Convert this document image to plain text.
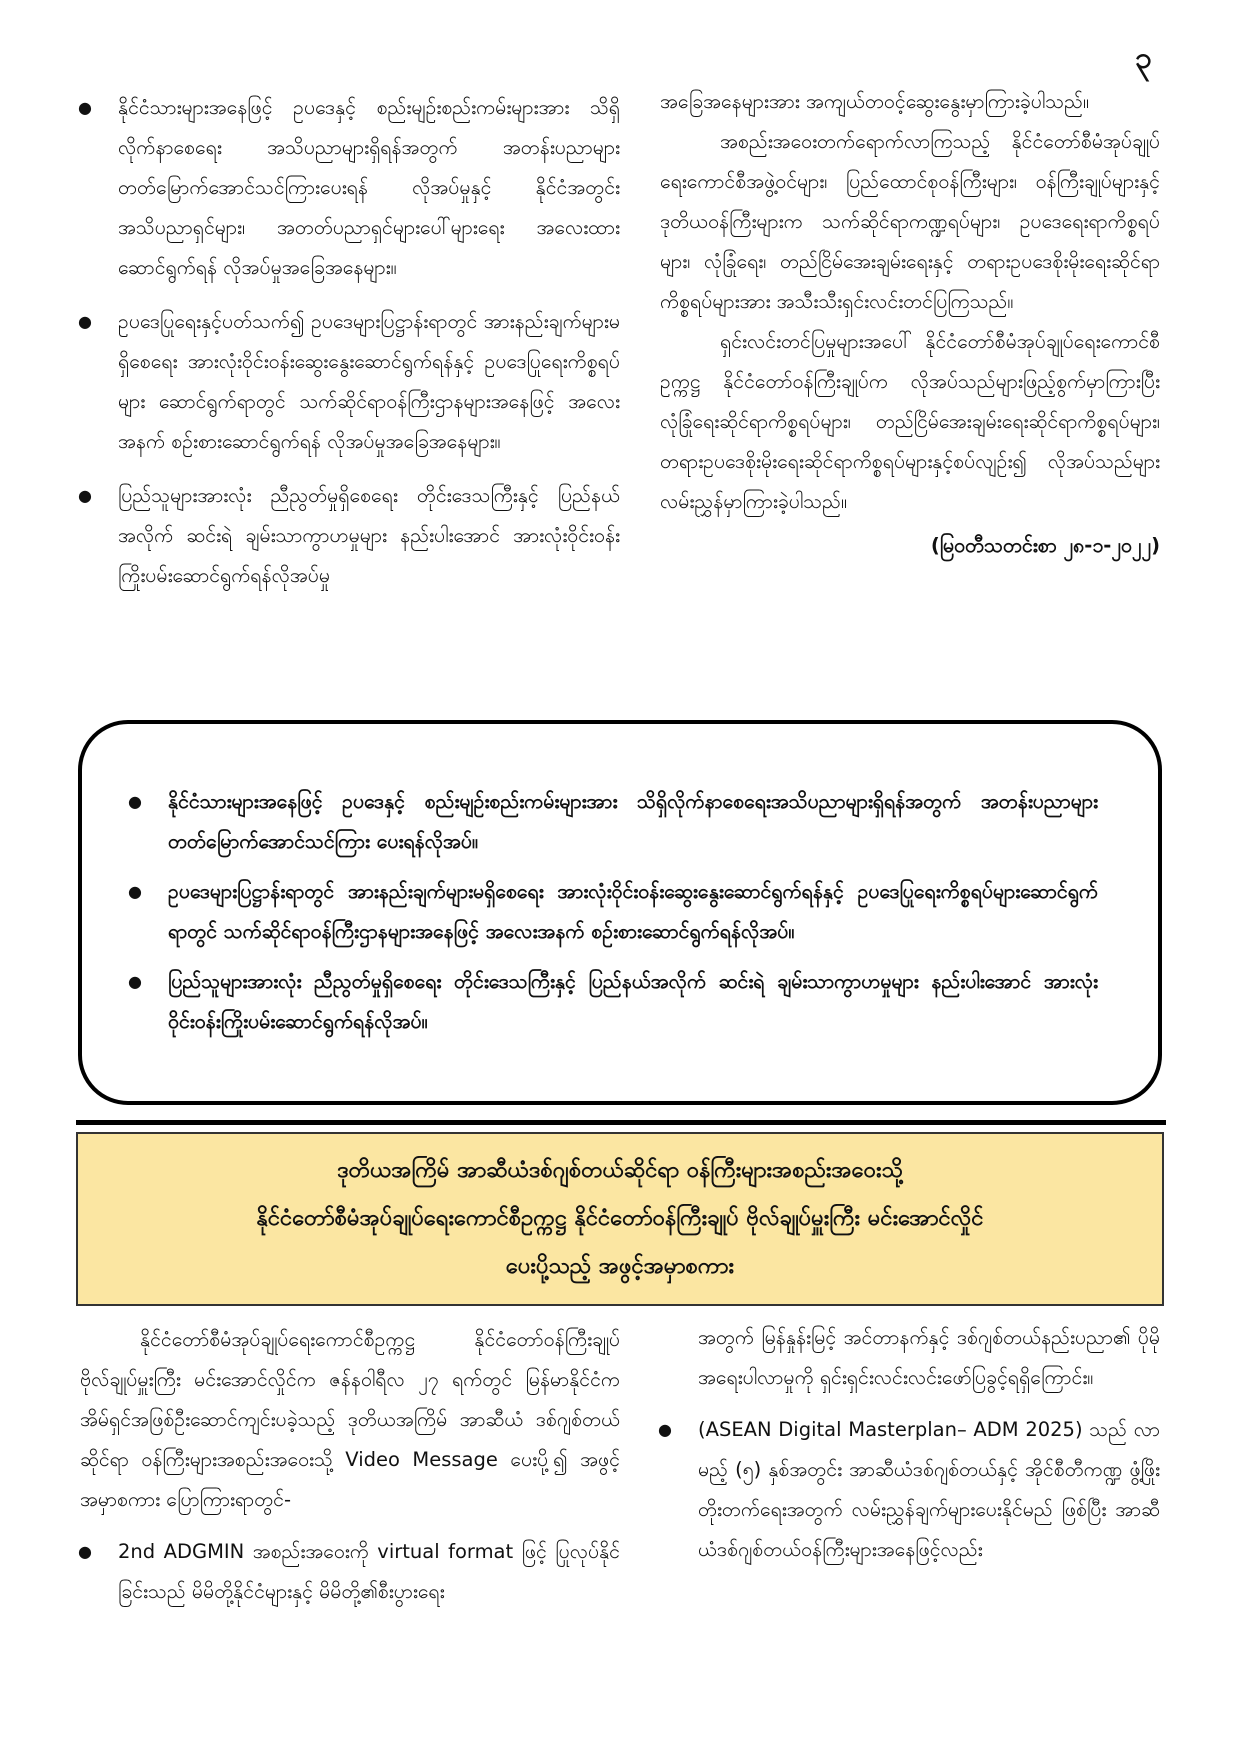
၃
● နိုင်ငံသားများအနေဖြင့် ဥပဒေနှင့် စည်းမျဉ်းစည်းကမ်းများအား သိရှိလိုက်နာစေရေး အသိပညာများရှိရန်အတွက် အတန်းပညာများ တတ်မြောက်အောင်သင်ကြားပေးရန် လိုအပ်မှုနှင့် နိုင်ငံအတွင်း အသိပညာရှင်များ၊ အတတ်ပညာရှင်များပေါ်များရေး အလေးထားဆောင်ရွက်ရန် လိုအပ်မှုအခြေအနေများ။
● ဥပဒေပြုရေးနှင့်ပတ်သက်၍ ဥပဒေများပြဋ္ဌာန်းရာတွင် အားနည်းချက်များမရှိစေရေး အားလုံးဝိုင်းဝန်းဆွေးနွေးဆောင်ရွက်ရန်နှင့် ဥပဒေပြုရေးကိစ္စရပ်များ ဆောင်ရွက်ရာတွင် သက်ဆိုင်ရာဝန်ကြီးဌာနများအနေဖြင့် အလေးအနက် စဉ်းစားဆောင်ရွက်ရန် လိုအပ်မှုအခြေအနေများ။
● ပြည်သူများအားလုံး ညီညွတ်မှုရှိစေရေး တိုင်းဒေသကြီးနှင့် ပြည်နယ်အလိုက် ဆင်းရဲ ချမ်းသာကွာဟမှုများ နည်းပါးအောင် အားလုံးဝိုင်းဝန်းကြိုးပမ်းဆောင်ရွက်ရန်လိုအပ်မှု

အခြေအနေများအား အကျယ်တဝင့်ဆွေးနွေးမှာကြားခဲ့ပါသည်။

အစည်းအဝေးတက်ရောက်လာကြသည့် နိုင်ငံတော်စီမံအုပ်ချုပ်ရေးကောင်စီအဖွဲ့ဝင်များ၊ ပြည်ထောင်စုဝန်ကြီးများ၊ ဝန်ကြီးချုပ်များနှင့် ဒုတိယဝန်ကြီးများက သက်ဆိုင်ရာကဏ္ဍရပ်များ၊ ဥပဒေရေးရာကိစ္စရပ်များ၊ လုံခြုံရေး၊ တည်ငြိမ်အေးချမ်းရေးနှင့် တရားဥပဒေစိုးမိုးရေးဆိုင်ရာကိစ္စရပ်များအား အသီးသီးရှင်းလင်းတင်ပြကြသည်။

ရှင်းလင်းတင်ပြမှုများအပေါ် နိုင်ငံတော်စီမံအုပ်ချုပ်ရေးကောင်စီဥက္ကဋ္ဌ နိုင်ငံတော်ဝန်ကြီးချုပ်က လိုအပ်သည်များဖြည့်စွက်မှာကြားပြီး လုံခြုံရေးဆိုင်ရာကိစ္စရပ်များ၊ တည်ငြိမ်အေးချမ်းရေးဆိုင်ရာကိစ္စရပ်များ၊ တရားဥပဒေစိုးမိုးရေးဆိုင်ရာကိစ္စရပ်များနှင့်စပ်လျဉ်း၍ လိုအပ်သည်များ လမ်းညွှန်မှာကြားခဲ့ပါသည်။

(မြဝတီသတင်းစာ ၂၈-၁-၂၀၂၂)

● နိုင်ငံသားများအနေဖြင့် ဥပဒေနှင့် စည်းမျဉ်းစည်းကမ်းများအား သိရှိလိုက်နာစေရေးအသိပညာများရှိရန်အတွက် အတန်းပညာများ တတ်မြောက်အောင်သင်ကြား ပေးရန်လိုအပ်။
● ဥပဒေများပြဋ္ဌာန်းရာတွင် အားနည်းချက်များမရှိစေရေး အားလုံးဝိုင်းဝန်းဆွေးနွေးဆောင်ရွက်ရန်နှင့် ဥပဒေပြုရေးကိစ္စရပ်များဆောင်ရွက်ရာတွင် သက်ဆိုင်ရာဝန်ကြီးဌာနများအနေဖြင့် အလေးအနက် စဉ်းစားဆောင်ရွက်ရန်လိုအပ်။
● ပြည်သူများအားလုံး ညီညွတ်မှုရှိစေရေး တိုင်းဒေသကြီးနှင့် ပြည်နယ်အလိုက် ဆင်းရဲ ချမ်းသာကွာဟမှုများ နည်းပါးအောင် အားလုံးဝိုင်းဝန်းကြိုးပမ်းဆောင်ရွက်ရန်လိုအပ်။
ဒုတိယအကြိမ် အာဆီယံဒစ်ဂျစ်တယ်ဆိုင်ရာ ဝန်ကြီးများအစည်းအဝေးသို့
နိုင်ငံတော်စီမံအုပ်ချုပ်ရေးကောင်စီဥက္ကဋ္ဌ နိုင်ငံတော်ဝန်ကြီးချုပ် ဗိုလ်ချုပ်မှူးကြီး မင်းအောင်လှိုင်
ပေးပို့သည့် အဖွင့်အမှာစကား

နိုင်ငံတော်စီမံအုပ်ချုပ်ရေးကောင်စီဥက္ကဋ္ဌ နိုင်ငံတော်ဝန်ကြီးချုပ် ဗိုလ်ချုပ်မှူးကြီး မင်းအောင်လှိုင်က ဇန်နဝါရီလ ၂၇ ရက်တွင် မြန်မာနိုင်ငံက အိမ်ရှင်အဖြစ်ဦးဆောင်ကျင်းပခဲ့သည့် ဒုတိယအကြိမ် အာဆီယံ ဒစ်ဂျစ်တယ်ဆိုင်ရာ ဝန်ကြီးများအစည်းအဝေးသို့ Video Message ပေးပို့၍ အဖွင့်အမှာစကား ပြောကြားရာတွင်-

● 2nd ADGMIN အစည်းအဝေးကို virtual format ဖြင့် ပြုလုပ်နိုင်ခြင်းသည် မိမိတို့နိုင်ငံများနှင့် မိမိတို့၏စီးပွားရေး

အတွက် မြန်နှုန်းမြင့် အင်တာနက်နှင့် ဒစ်ဂျစ်တယ်နည်းပညာ၏ ပိုမိုအရေးပါလာမှုကို ရှင်းရှင်းလင်းလင်းဖော်ပြခွင့်ရရှိကြောင်း။

● (ASEAN Digital Masterplan– ADM 2025) သည် လာမည့် (၅) နှစ်အတွင်း အာဆီယံဒစ်ဂျစ်တယ်နှင့် အိုင်စီတီကဏ္ဍ ဖွံ့ဖြိုးတိုးတက်ရေးအတွက် လမ်းညွှန်ချက်များပေးနိုင်မည် ဖြစ်ပြီး အာဆီယံဒစ်ဂျစ်တယ်ဝန်ကြီးများအနေဖြင့်လည်း
